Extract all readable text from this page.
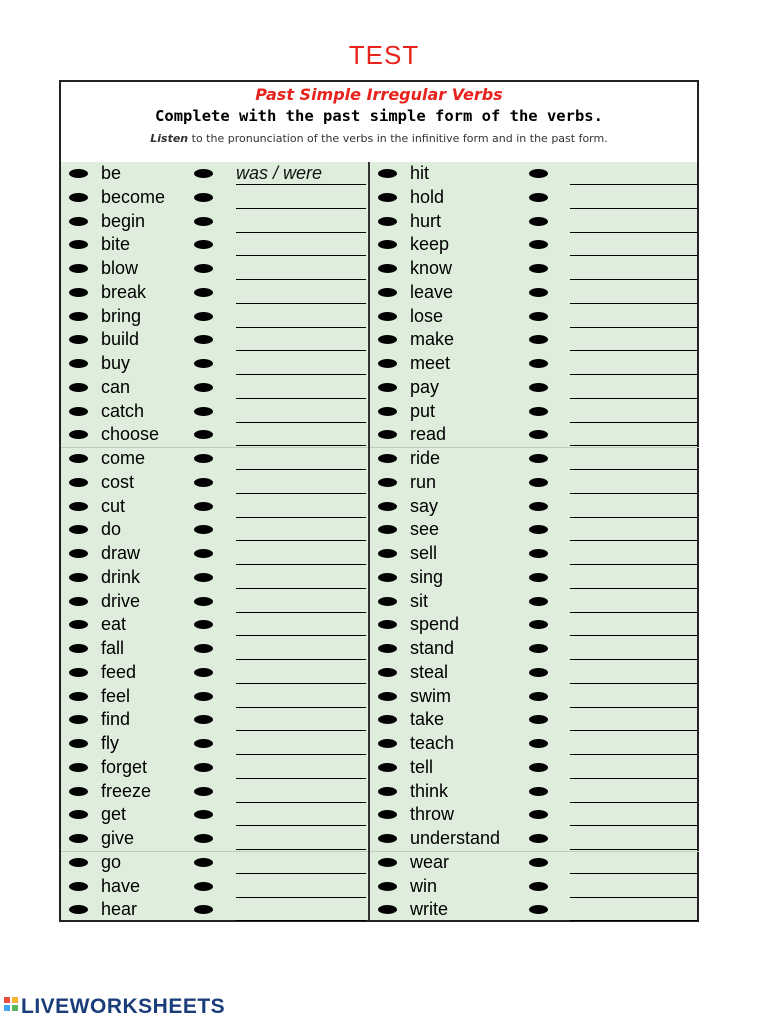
TEST
Past Simple Irregular Verbs
Complete with the past simple form of the verbs.
Listen to the pronunciation of the verbs in the infinitive form and in the past form.
be	was / were
become
begin
bite
blow
break
bring
build
buy
can
catch
choose
come
cost
cut
do
draw
drink
drive
eat
fall
feed
feel
find
fly
forget
freeze
get
give
go
have
hear
hit
hold
hurt
keep
know
leave
lose
make
meet
pay
put
read
ride
run
say
see
sell
sing
sit
spend
stand
steal
swim
take
teach
tell
think
throw
understand
wear
win
write
LIVEWORKSHEETS
